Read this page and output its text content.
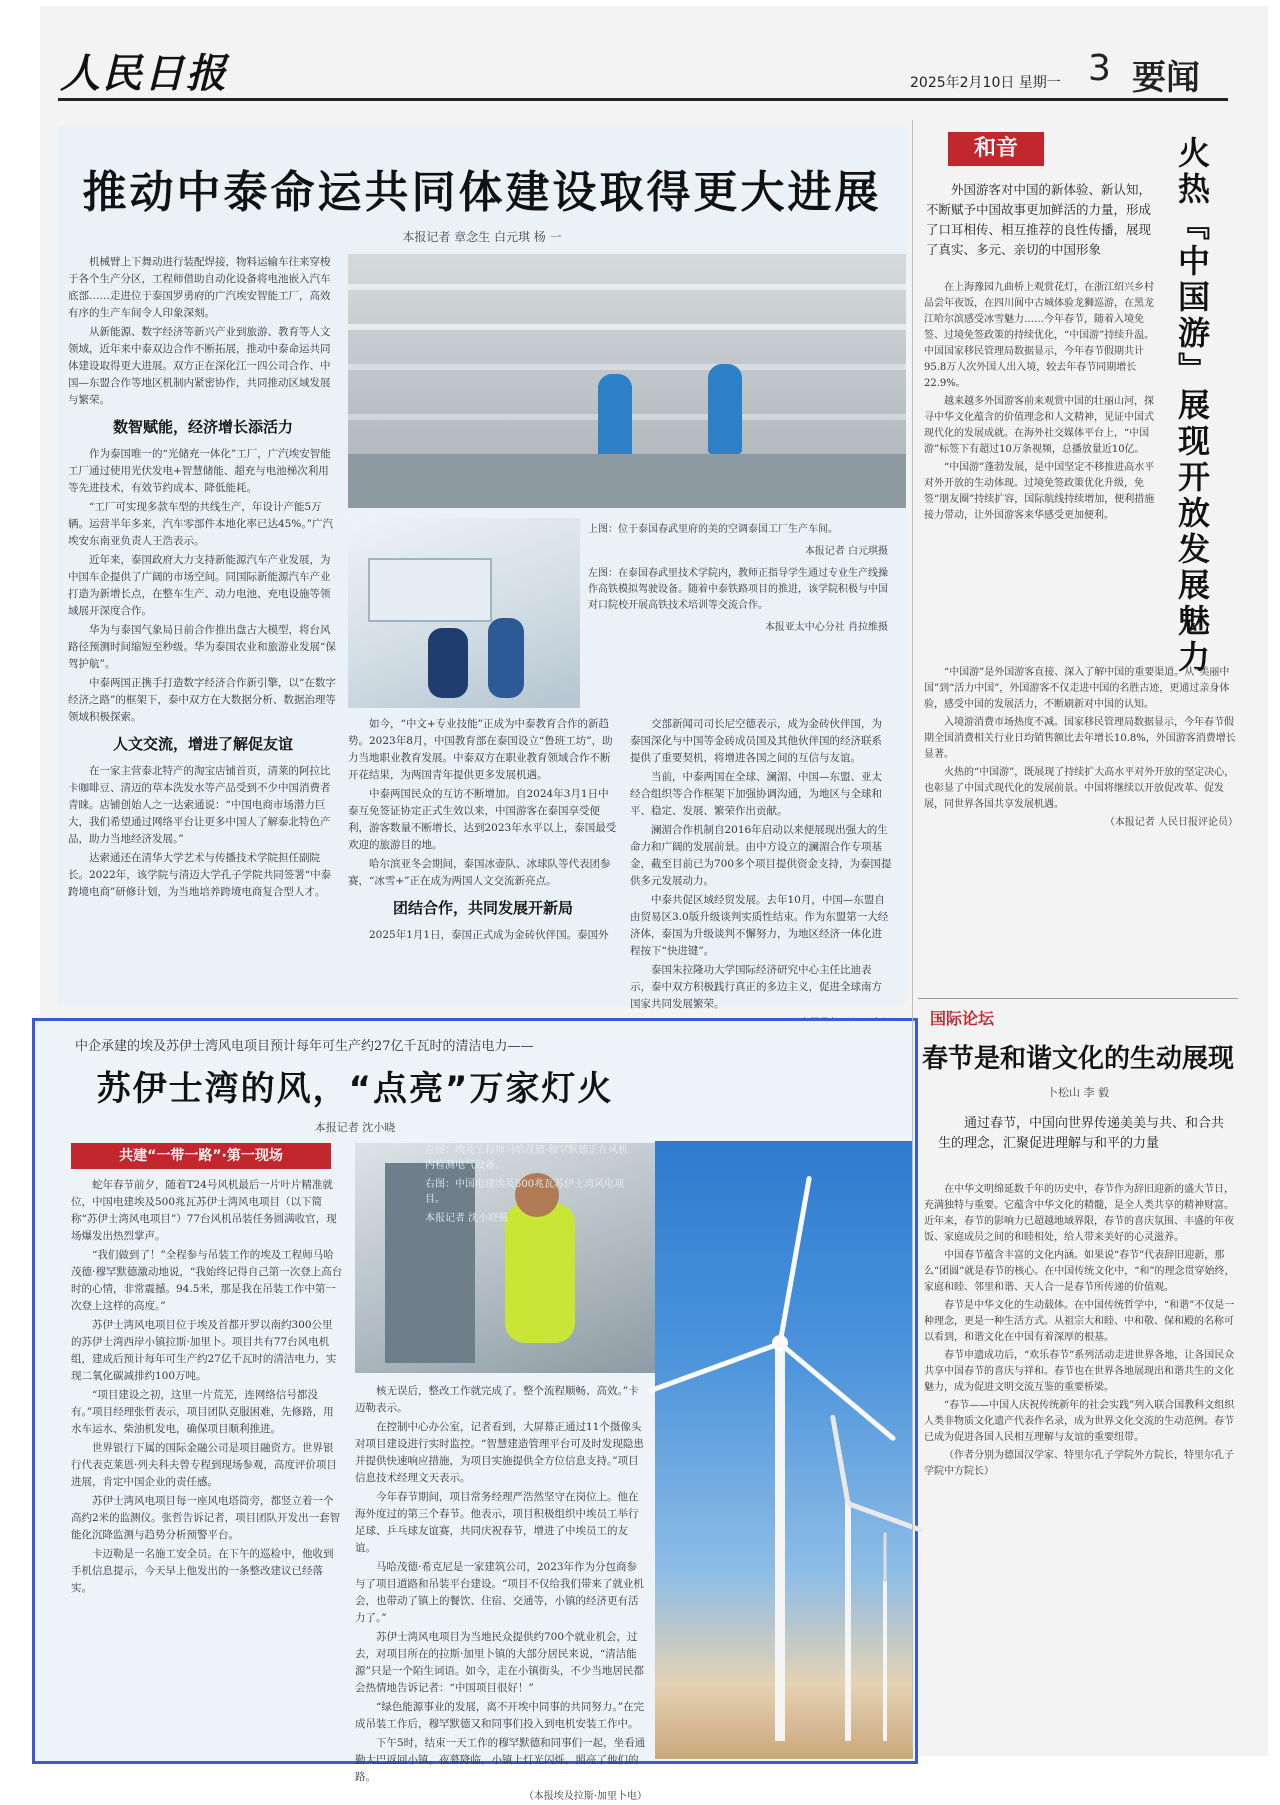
人民日报	2025年2月10日 星期一 3 要闻
推动中泰命运共同体建设取得更大进展
本报记者 章念生 白元琪 杨 一

机械臂上下舞动进行装配焊接，物料运输车往来穿梭于各个生产分区，工程师借助自动化设备将电池嵌入汽车底部……走进位于泰国罗勇府的广汽埃安智能工厂，高效有序的生产车间令人印象深刻。

从新能源、数字经济等新兴产业到旅游、教育等人文领域，近年来中泰双边合作不断拓展，推动中泰命运共同体建设取得更大进展。双方正在深化江一四公司合作、中国—东盟合作等地区机制内紧密协作，共同推动区域发展与繁荣。

数智赋能，经济增长添活力

作为泰国唯一的“光储充一体化”工厂，广汽埃安智能工厂通过使用光伏发电+智慧储能、超充与电池梯次利用等先进技术，有效节约成本、降低能耗。

“工厂可实现多款车型的共线生产，年设计产能5万辆。运营半年多来，汽车零部件本地化率已达45%。”广汽埃安东南亚负责人王浩表示。

近年来，泰国政府大力支持新能源汽车产业发展，为中国车企提供了广阔的市场空间。同国际新能源汽车产业打造为新增长点，在整车生产、动力电池、充电设施等领域展开深度合作。

华为与泰国气象局日前合作推出盘古大模型，将台风路径预测时间缩短至秒级。华为泰国农业和旅游业发展“保驾护航”。

中泰两国正携手打造数字经济合作新引擎，以“在数字经济之路”的框架下，泰中双方在大数据分析、数据治理等领域积极探索。

人文交流，增进了解促友谊

在一家主营泰北特产的淘宝店铺首页，清莱的阿拉比卡咖啡豆、清迈的草本洗发水等产品受到不少中国消费者青睐。店铺创始人之一达索通说：“中国电商市场潜力巨大，我们希望通过网络平台让更多中国人了解泰北特色产品，助力当地经济发展。”

达索通还在清华大学艺术与传播技术学院担任副院长。2022年，该学院与清迈大学孔子学院共同签署“中泰跨境电商”研修计划，为当地培养跨境电商复合型人才。

上图：位于泰国春武里府的美的空调泰国工厂生产车间。

本报记者 白元琪摄

左图：在泰国春武里技术学院内，教师正指导学生通过专业生产线操作高铁模拟驾驶设备。随着中泰铁路项目的推进，该学院积极与中国对口院校开展高铁技术培训等交流合作。

本报亚太中心分社 肖拉维摄

如今，“中文+专业技能”正成为中泰教育合作的新趋势。2023年8月，中国教育部在泰国设立“鲁班工坊”，助力当地职业教育发展。中泰双方在职业教育领域合作不断开花结果，为两国青年提供更多发展机遇。

中泰两国民众的互访不断增加。自2024年3月1日中泰互免签证协定正式生效以来，中国游客在泰国享受便利，游客数量不断增长，达到2023年水平以上，泰国最受欢迎的旅游目的地。

哈尔滨亚冬会期间，泰国冰壶队、冰球队等代表团参赛，“冰雪+”正在成为两国人文交流新亮点。

团结合作，共同发展开新局

2025年1月1日，泰国正式成为金砖伙伴国。泰国外

交部新闻司司长尼空德表示，成为金砖伙伴国，为泰国深化与中国等金砖成员国及其他伙伴国的经济联系提供了重要契机，将增进各国之间的互信与友谊。

当前，中泰两国在全球、澜湄、中国—东盟、亚太经合组织等合作框架下加强协调沟通，为地区与全球和平、稳定、发展、繁荣作出贡献。

澜湄合作机制自2016年启动以来便展现出强大的生命力和广阔的发展前景。由中方设立的澜湄合作专项基金，截至目前已为700多个项目提供资金支持，为泰国提供多元发展动力。

中泰共促区域经贸发展。去年10月，中国—东盟自由贸易区3.0版升级谈判实质性结束。作为东盟第一大经济体，泰国为升级谈判不懈努力，为地区经济一体化进程按下“快进键”。

泰国朱拉隆功大学国际经济研究中心主任比迪表示，泰中双方积极践行真正的多边主义，促进全球南方国家共同发展繁荣。

中企承建的埃及苏伊士湾风电项目预计每年可生产约27亿千瓦时的清洁电力——
苏伊士湾的风，“点亮”万家灯火
本报记者 沈小晓
共建“一带一路”·第一现场

蛇年春节前夕，随着T24号风机最后一片叶片精准就位，中国电建埃及500兆瓦苏伊士湾风电项目（以下简称“苏伊士湾风电项目”）77台风机吊装任务圆满收官，现场爆发出热烈掌声。

“我们做到了！”全程参与吊装工作的埃及工程师马哈茂德·穆罕默德激动地说，“我始终记得自己第一次登上高台时的心情，非常震撼。94.5米，那是我在吊装工作中第一次登上这样的高度。”

苏伊士湾风电项目位于埃及首都开罗以南约300公里的苏伊士湾西岸小镇拉斯·加里卜。项目共有77台风电机组，建成后预计每年可生产约27亿千瓦时的清洁电力，实现二氧化碳减排约100万吨。

“项目建设之初，这里一片荒芜，连网络信号都没有。”项目经理张哲表示，项目团队克服困难，先修路，用水车运水、柴油机发电，确保项目顺利推进。

世界银行下属的国际金融公司是项目融资方。世界银行代表克莱恩·列夫科夫曾专程到现场参观，高度评价项目进展，肯定中国企业的责任感。

苏伊士湾风电项目每一座风电塔筒旁，都竖立着一个高约2米的监测仪。张哲告诉记者，项目团队开发出一套智能化沉降监测与趋势分析预警平台。

卡迈勒是一名施工安全员。在下午的巡检中，他收到手机信息提示，今天早上他发出的一条整改建议已经落实。

核无误后，整改工作就完成了。整个流程顺畅、高效。”卡迈勒表示。

在控制中心办公室，记者看到，大屏幕正通过11个摄像头对项目建设进行实时监控。“智慧建造管理平台可及时发现隐患并提供快速响应措施，为项目实施提供全方位信息支持。”项目信息技术经理文天表示。

今年春节期间，项目常务经理严浩然坚守在岗位上。他在海外度过的第三个春节。他表示，项目积极组织中埃员工举行足球、乒乓球友谊赛，共同庆祝春节，增进了中埃员工的友谊。

马哈茂德·希克尼是一家建筑公司，2023年作为分包商参与了项目道路和吊装平台建设。“项目不仅给我们带来了就业机会，也带动了镇上的餐饮、住宿、交通等，小镇的经济更有活力了。”

苏伊士湾风电项目为当地民众提供约700个就业机会，过去，对项目所在的拉斯·加里卜镇的大部分居民来说，“清洁能源”只是一个陌生词语。如今，走在小镇街头，不少当地居民都会热情地告诉记者：“中国项目很好！”

“绿色能源事业的发展，离不开埃中同事的共同努力。”在完成吊装工作后，穆罕默德又和同事们投入到电机安装工作中。

下午5时，结束一天工作的穆罕默德和同事们一起，坐看通勤大巴返回小镇。夜幕降临，小镇上灯光闪烁，照亮了他们的路。

（本报埃及拉斯·加里卜电）

左图：埃及工程师马哈茂德·穆罕默德正在风机内检测电气设备。

右图：中国电建埃及500兆瓦苏伊士湾风电项目。

本报记者 沈小晓摄

和音	火热『中国游』展现开放发展魅力
外国游客对中国的新体验、新认知，不断赋予中国故事更加鲜活的力量，形成了口耳相传、相互推荐的良性传播，展现了真实、多元、亲切的中国形象

在上海豫园九曲桥上观赏花灯，在浙江绍兴乡村品尝年夜饭，在四川阆中古城体验龙狮巡游，在黑龙江哈尔滨感受冰雪魅力……今年春节，随着入境免签、过境免签政策的持续优化，“中国游”持续升温。中国国家移民管理局数据显示，今年春节假期共计95.8万人次外国人出入境，较去年春节同期增长22.9%。

越来越多外国游客前来观赏中国的壮丽山河，探寻中华文化蕴含的价值理念和人文精神，见证中国式现代化的发展成就。在海外社交媒体平台上，“中国游”标签下有超过10万条视频，总播放量近10亿。

“中国游”蓬勃发展，是中国坚定不移推进高水平对外开放的生动体现。过境免签政策优化升级，免签“朋友圈”持续扩容，国际航线持续增加，便利措施接力带动，让外国游客来华感受更加便利。

“中国游”是外国游客直接、深入了解中国的重要渠道。从“美丽中国”到“活力中国”，外国游客不仅走进中国的名胜古迹，更通过亲身体验，感受中国的发展活力，不断刷新对中国的认知。

入境游消费市场热度不减。国家移民管理局数据显示，今年春节假期全国消费相关行业日均销售额比去年增长10.8%，外国游客消费增长显著。

火热的“中国游”，既展现了持续扩大高水平对外开放的坚定决心，也彰显了中国式现代化的发展前景。中国将继续以开放促改革、促发展，同世界各国共享发展机遇。

（本报记者 人民日报评论员）

国际论坛
春节是和谐文化的生动展现
卜松山 李 毅
通过春节，中国向世界传递美美与共、和合共生的理念，汇聚促进理解与和平的力量

在中华文明绵延数千年的历史中，春节作为辞旧迎新的盛大节日，充满独特与重要。它蕴含中华文化的精髓，是全人类共享的精神财富。近年来，春节的影响力已超越地域界限，春节的喜庆氛围、丰盛的年夜饭、家庭成员之间的和睦相处，给人带来美好的心灵滋养。

中国春节蕴含丰富的文化内涵。如果说“春节”代表辞旧迎新，那么“团圆”就是春节的核心。在中国传统文化中，“和”的理念贯穿始终，家庭和睦、邻里和谐、天人合一是春节所传递的价值观。

春节是中华文化的生动载体。在中国传统哲学中，“和谐”不仅是一种理念，更是一种生活方式。从祖宗大和睦、中和敬、保和殿的名称可以看到，和谐文化在中国有着深厚的根基。

春节申遗成功后，“欢乐春节”系列活动走进世界各地，让各国民众共享中国春节的喜庆与祥和。春节也在世界各地展现出和谐共生的文化魅力，成为促进文明交流互鉴的重要桥梁。

“春节——中国人庆祝传统新年的社会实践”列入联合国教科文组织人类非物质文化遗产代表作名录，成为世界文化交流的生动范例。春节已成为促进各国人民相互理解与友谊的重要纽带。

（作者分别为德国汉学家、特里尔孔子学院外方院长，特里尔孔子学院中方院长）
